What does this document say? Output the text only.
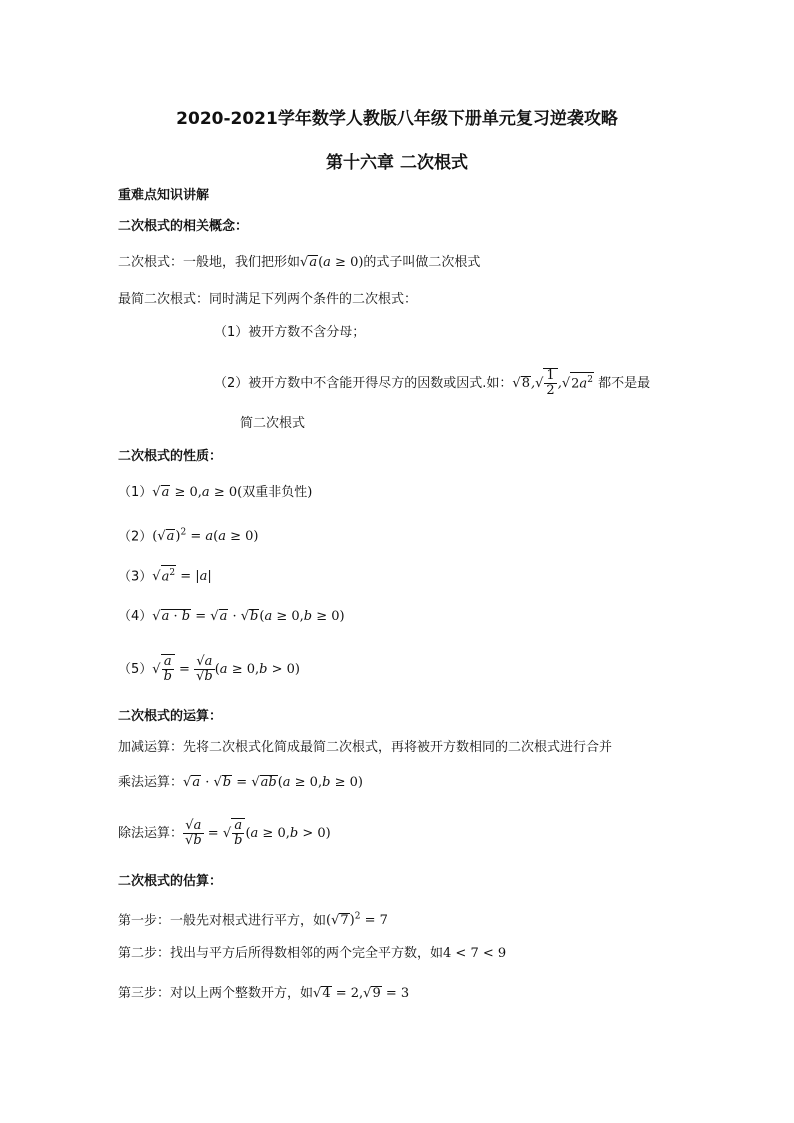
2020-2021学年数学人教版八年级下册单元复习逆袭攻略
第十六章 二次根式
重难点知识讲解
二次根式的相关概念：
二次根式：一般地，我们把形如√a(a ≥ 0)的式子叫做二次根式
最简二次根式：同时满足下列两个条件的二次根式：
（1）被开方数不含分母；
（2）被开方数中不含能开得尽方的因数或因式.如：$√8,√ \frac{1}{2} ,√2a^2$ 都不是最
简二次根式
二次根式的性质：
（1）√a ≥ 0,a ≥ 0(双重非负性)
$(2)(√a)^2 = a(a \ge 0)$
$(3)√a^2 = |a|$
（4）√a · b = √a · √b(a ≥ 0,b ≥ 0)
$(5)√ \frac{a}{b} = \frac{√a}{√b} (a \ge 0,b > 0)$
二次根式的运算：
加减运算：先将二次根式化简成最简二次根式，再将被开方数相同的二次根式进行合并
乘法运算：√a · √b = √ab(a ≥ 0,b ≥ 0)
除法运算： $\frac{√a}{√b}$ = √ $\frac{a}{b} (a \ge 0,b > 0)$
二次根式的估算：
第一步：一般先对根式进行平方，如$(√7)^2 = 7$
第二步：找出与平方后所得数相邻的两个完全平方数，如4 < 7 < 9
第三步：对以上两个整数开方，如√4 = 2,√9 = 3
